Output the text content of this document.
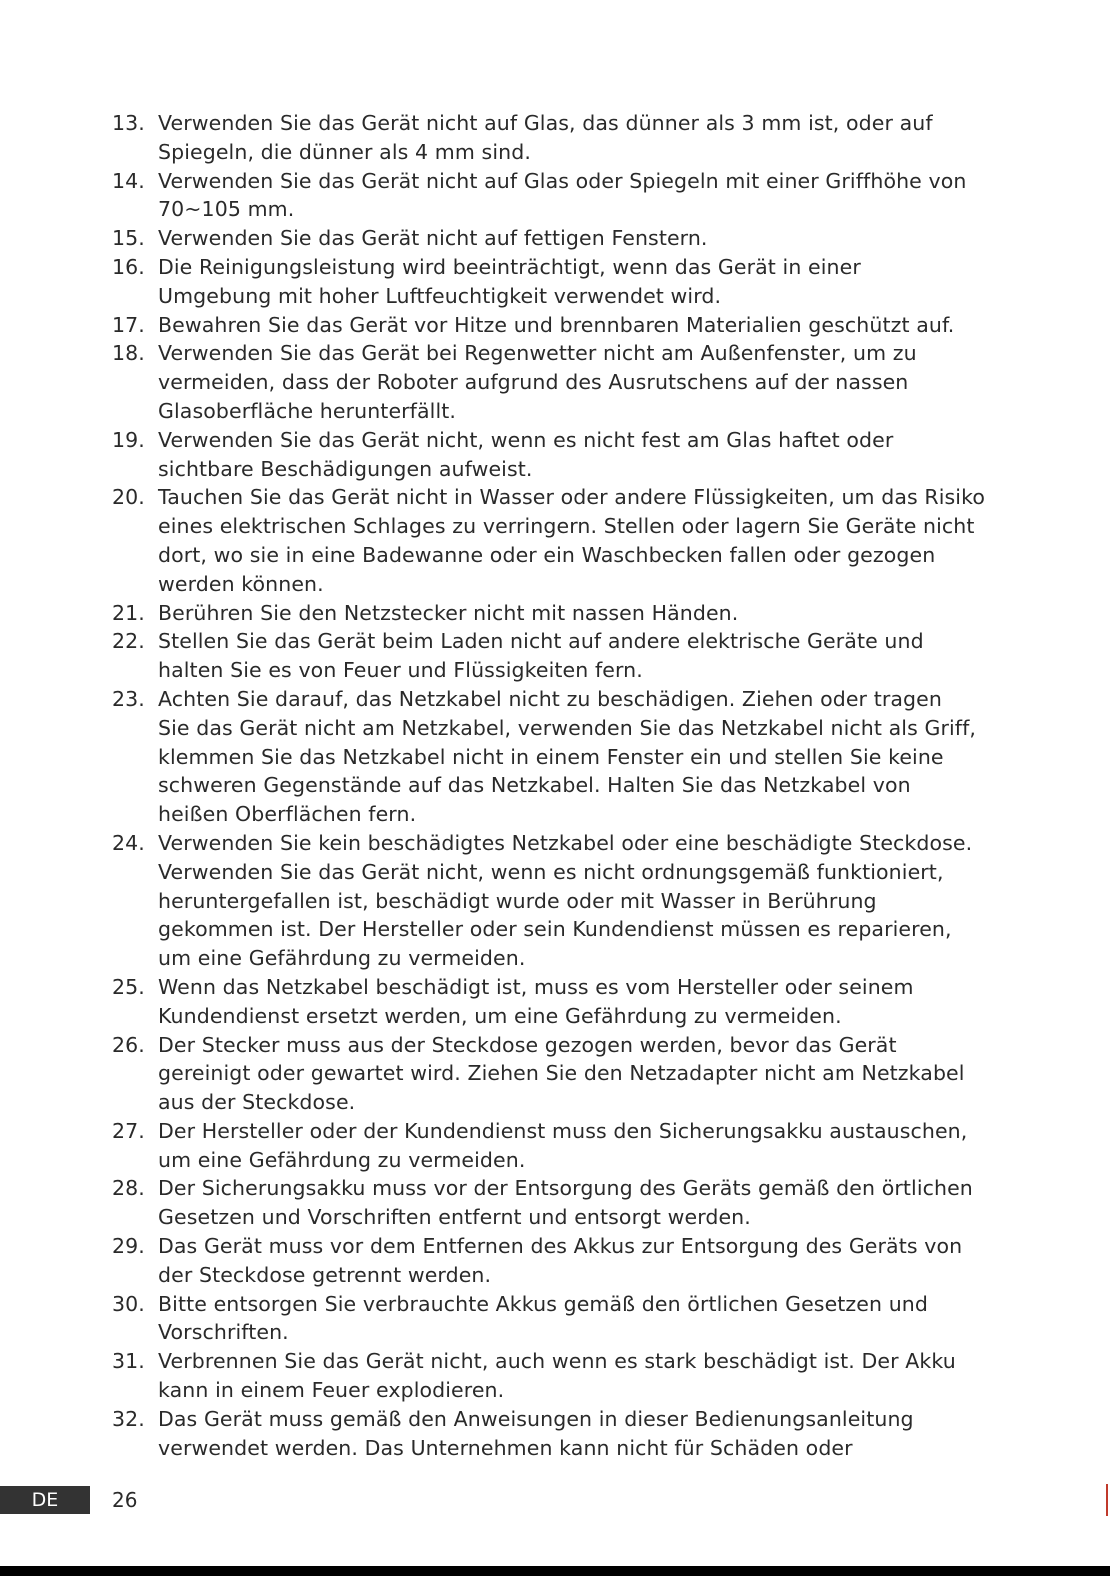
13. Verwenden Sie das Gerät nicht auf Glas, das dünner als 3 mm ist, oder auf
Spiegeln, die dünner als 4 mm sind.
14. Verwenden Sie das Gerät nicht auf Glas oder Spiegeln mit einer Griffhöhe von
70~105 mm.
15. Verwenden Sie das Gerät nicht auf fettigen Fenstern.
16. Die Reinigungsleistung wird beeinträchtigt, wenn das Gerät in einer
Umgebung mit hoher Luftfeuchtigkeit verwendet wird.
17. Bewahren Sie das Gerät vor Hitze und brennbaren Materialien geschützt auf.
18. Verwenden Sie das Gerät bei Regenwetter nicht am Außenfenster, um zu
vermeiden, dass der Roboter aufgrund des Ausrutschens auf der nassen
Glasoberfläche herunterfällt.
19. Verwenden Sie das Gerät nicht, wenn es nicht fest am Glas haftet oder
sichtbare Beschädigungen aufweist.
20. Tauchen Sie das Gerät nicht in Wasser oder andere Flüssigkeiten, um das Risiko
eines elektrischen Schlages zu verringern. Stellen oder lagern Sie Geräte nicht
dort, wo sie in eine Badewanne oder ein Waschbecken fallen oder gezogen
werden können.
21. Berühren Sie den Netzstecker nicht mit nassen Händen.
22. Stellen Sie das Gerät beim Laden nicht auf andere elektrische Geräte und
halten Sie es von Feuer und Flüssigkeiten fern.
23. Achten Sie darauf, das Netzkabel nicht zu beschädigen. Ziehen oder tragen
Sie das Gerät nicht am Netzkabel, verwenden Sie das Netzkabel nicht als Griff,
klemmen Sie das Netzkabel nicht in einem Fenster ein und stellen Sie keine
schweren Gegenstände auf das Netzkabel. Halten Sie das Netzkabel von
heißen Oberflächen fern.
24. Verwenden Sie kein beschädigtes Netzkabel oder eine beschädigte Steckdose.
Verwenden Sie das Gerät nicht, wenn es nicht ordnungsgemäß funktioniert,
heruntergefallen ist, beschädigt wurde oder mit Wasser in Berührung
gekommen ist. Der Hersteller oder sein Kundendienst müssen es reparieren,
um eine Gefährdung zu vermeiden.
25. Wenn das Netzkabel beschädigt ist, muss es vom Hersteller oder seinem
Kundendienst ersetzt werden, um eine Gefährdung zu vermeiden.
26. Der Stecker muss aus der Steckdose gezogen werden, bevor das Gerät
gereinigt oder gewartet wird. Ziehen Sie den Netzadapter nicht am Netzkabel
aus der Steckdose.
27. Der Hersteller oder der Kundendienst muss den Sicherungsakku austauschen,
um eine Gefährdung zu vermeiden.
28. Der Sicherungsakku muss vor der Entsorgung des Geräts gemäß den örtlichen
Gesetzen und Vorschriften entfernt und entsorgt werden.
29. Das Gerät muss vor dem Entfernen des Akkus zur Entsorgung des Geräts von
der Steckdose getrennt werden.
30. Bitte entsorgen Sie verbrauchte Akkus gemäß den örtlichen Gesetzen und
Vorschriften.
31. Verbrennen Sie das Gerät nicht, auch wenn es stark beschädigt ist. Der Akku
kann in einem Feuer explodieren.
32. Das Gerät muss gemäß den Anweisungen in dieser Bedienungsanleitung
verwendet werden. Das Unternehmen kann nicht für Schäden oder
DE	26
